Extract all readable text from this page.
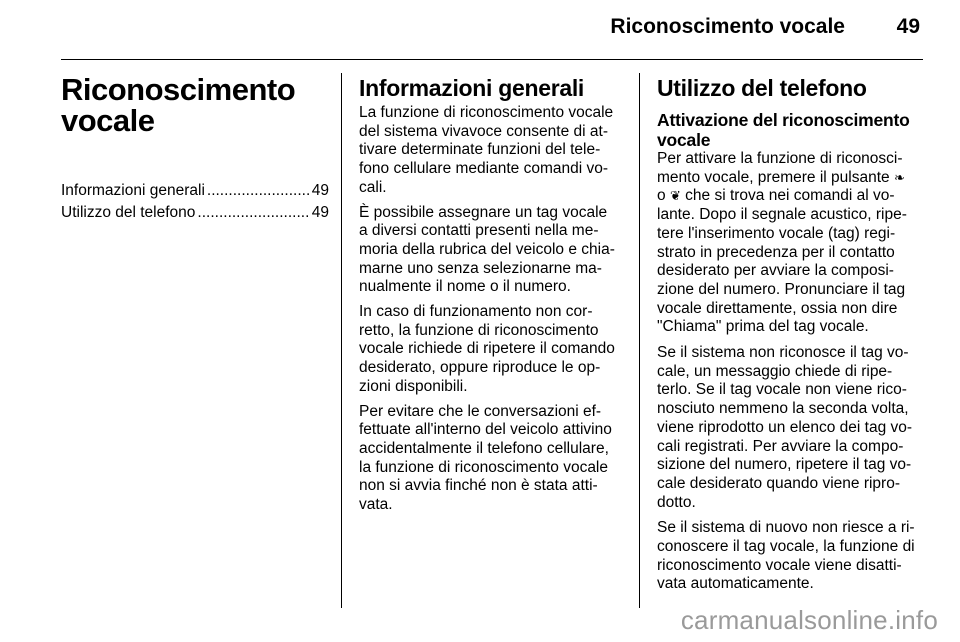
Riconoscimento vocale 49
Riconoscimento
vocale
Informazioni generali .....	49
Utilizzo del telefono .....	49
Informazioni generali
La funzione di riconoscimento vocale
del sistema vivavoce consente di at-
tivare determinate funzioni del tele-
fono cellulare mediante comandi vo-
cali.
È possibile assegnare un tag vocale
a diversi contatti presenti nella me-
moria della rubrica del veicolo e chia-
marne uno senza selezionarne ma-
nualmente il nome o il numero.
In caso di funzionamento non cor-
retto, la funzione di riconoscimento
vocale richiede di ripetere il comando
desiderato, oppure riproduce le op-
zioni disponibili.
Per evitare che le conversazioni ef-
fettuate all'interno del veicolo attivino
accidentalmente il telefono cellulare,
la funzione di riconoscimento vocale
non si avvia finché non è stata atti-
vata.
Utilizzo del telefono
Attivazione del riconoscimento
vocale
Per attivare la funzione di riconosci-
mento vocale, premere il pulsante ❧
o ❦ che si trova nei comandi al vo-
lante. Dopo il segnale acustico, ripe-
tere l'inserimento vocale (tag) regi-
strato in precedenza per il contatto
desiderato per avviare la composi-
zione del numero. Pronunciare il tag
vocale direttamente, ossia non dire
"Chiama" prima del tag vocale.
Se il sistema non riconosce il tag vo-
cale, un messaggio chiede di ripe-
terlo. Se il tag vocale non viene rico-
nosciuto nemmeno la seconda volta,
viene riprodotto un elenco dei tag vo-
cali registrati. Per avviare la compo-
sizione del numero, ripetere il tag vo-
cale desiderato quando viene ripro-
dotto.
Se il sistema di nuovo non riesce a ri-
conoscere il tag vocale, la funzione di
riconoscimento vocale viene disatti-
vata automaticamente.
carmanualsonline.info
